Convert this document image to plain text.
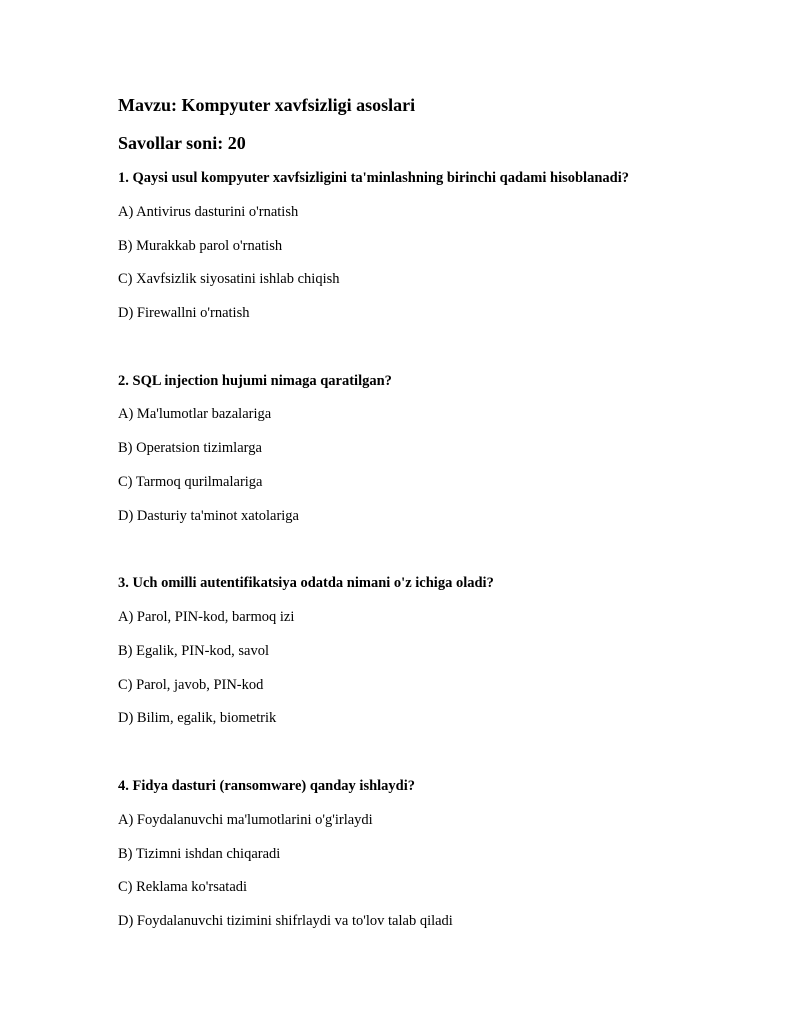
Mavzu: Kompyuter xavfsizligi asoslari
Savollar soni: 20
1. Qaysi usul kompyuter xavfsizligini ta'minlashning birinchi qadami hisoblanadi?
A) Antivirus dasturini o'rnatish
B) Murakkab parol o'rnatish
C) Xavfsizlik siyosatini ishlab chiqish
D) Firewallni o'rnatish
2. SQL injection hujumi nimaga qaratilgan?
A) Ma'lumotlar bazalariga
B) Operatsion tizimlarga
C) Tarmoq qurilmalariga
D) Dasturiy ta'minot xatolariga
3. Uch omilli autentifikatsiya odatda nimani o'z ichiga oladi?
A) Parol, PIN-kod, barmoq izi
B) Egalik, PIN-kod, savol
C) Parol, javob, PIN-kod
D) Bilim, egalik, biometrik
4. Fidya dasturi (ransomware) qanday ishlaydi?
A) Foydalanuvchi ma'lumotlarini o'g'irlaydi
B) Tizimni ishdan chiqaradi
C) Reklama ko'rsatadi
D) Foydalanuvchi tizimini shifrlaydi va to'lov talab qiladi
